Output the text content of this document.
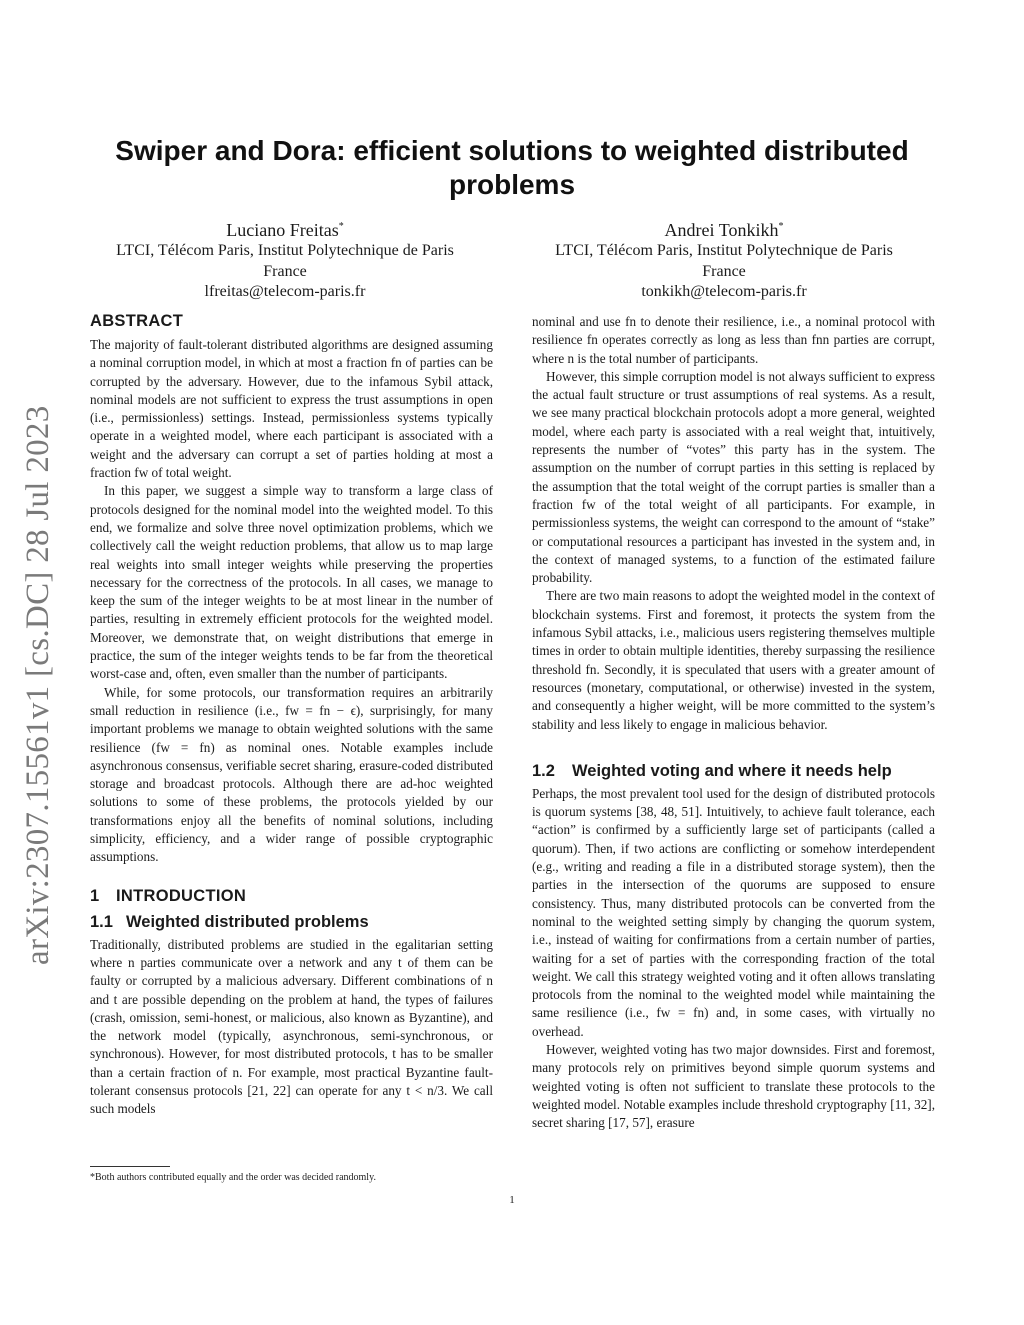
arXiv:2307.15561v1 [cs.DC] 28 Jul 2023
Swiper and Dora: efficient solutions to weighted distributed problems
Luciano Freitas*
LTCI, Télécom Paris, Institut Polytechnique de Paris
France
lfreitas@telecom-paris.fr
Andrei Tonkikh*
LTCI, Télécom Paris, Institut Polytechnique de Paris
France
tonkikh@telecom-paris.fr
ABSTRACT

The majority of fault-tolerant distributed algorithms are designed assuming a nominal corruption model, in which at most a fraction fn of parties can be corrupted by the adversary. However, due to the infamous Sybil attack, nominal models are not sufficient to express the trust assumptions in open (i.e., permissionless) settings. Instead, permissionless systems typically operate in a weighted model, where each participant is associated with a weight and the adversary can corrupt a set of parties holding at most a fraction fw of total weight.

In this paper, we suggest a simple way to transform a large class of protocols designed for the nominal model into the weighted model. To this end, we formalize and solve three novel optimization problems, which we collectively call the weight reduction problems, that allow us to map large real weights into small integer weights while preserving the properties necessary for the correctness of the protocols. In all cases, we manage to keep the sum of the integer weights to be at most linear in the number of parties, resulting in extremely efficient protocols for the weighted model. Moreover, we demonstrate that, on weight distributions that emerge in practice, the sum of the integer weights tends to be far from the theoretical worst-case and, often, even smaller than the number of participants.

While, for some protocols, our transformation requires an arbitrarily small reduction in resilience (i.e., fw = fn − ϵ), surprisingly, for many important problems we manage to obtain weighted solutions with the same resilience (fw = fn) as nominal ones. Notable examples include asynchronous consensus, verifiable secret sharing, erasure-coded distributed storage and broadcast protocols. Although there are ad-hoc weighted solutions to some of these problems, the protocols yielded by our transformations enjoy all the benefits of nominal solutions, including simplicity, efficiency, and a wider range of possible cryptographic assumptions.

1 INTRODUCTION
1.1 Weighted distributed problems

Traditionally, distributed problems are studied in the egalitarian setting where n parties communicate over a network and any t of them can be faulty or corrupted by a malicious adversary. Different combinations of n and t are possible depending on the problem at hand, the types of failures (crash, omission, semi-honest, or malicious, also known as Byzantine), and the network model (typically, asynchronous, semi-synchronous, or synchronous). However, for most distributed protocols, t has to be smaller than a certain fraction of n. For example, most practical Byzantine fault-tolerant consensus protocols [21, 22] can operate for any t < n/3. We call such models

nominal and use fn to denote their resilience, i.e., a nominal protocol with resilience fn operates correctly as long as less than fnn parties are corrupt, where n is the total number of participants.

However, this simple corruption model is not always sufficient to express the actual fault structure or trust assumptions of real systems. As a result, we see many practical blockchain protocols adopt a more general, weighted model, where each party is associated with a real weight that, intuitively, represents the number of “votes” this party has in the system. The assumption on the number of corrupt parties in this setting is replaced by the assumption that the total weight of the corrupt parties is smaller than a fraction fw of the total weight of all participants. For example, in permissionless systems, the weight can correspond to the amount of “stake” or computational resources a participant has invested in the system and, in the context of managed systems, to a function of the estimated failure probability.

There are two main reasons to adopt the weighted model in the context of blockchain systems. First and foremost, it protects the system from the infamous Sybil attacks, i.e., malicious users registering themselves multiple times in order to obtain multiple identities, thereby surpassing the resilience threshold fn. Secondly, it is speculated that users with a greater amount of resources (monetary, computational, or otherwise) invested in the system, and consequently a higher weight, will be more committed to the system’s stability and less likely to engage in malicious behavior.

1.2 Weighted voting and where it needs help

Perhaps, the most prevalent tool used for the design of distributed protocols is quorum systems [38, 48, 51]. Intuitively, to achieve fault tolerance, each “action” is confirmed by a sufficiently large set of participants (called a quorum). Then, if two actions are conflicting or somehow interdependent (e.g., writing and reading a file in a distributed storage system), then the parties in the intersection of the quorums are supposed to ensure consistency. Thus, many distributed protocols can be converted from the nominal to the weighted setting simply by changing the quorum system, i.e., instead of waiting for confirmations from a certain number of parties, waiting for a set of parties with the corresponding fraction of the total weight. We call this strategy weighted voting and it often allows translating protocols from the nominal to the weighted model while maintaining the same resilience (i.e., fw = fn) and, in some cases, with virtually no overhead.

However, weighted voting has two major downsides. First and foremost, many protocols rely on primitives beyond simple quorum systems and weighted voting is often not sufficient to translate these protocols to the weighted model. Notable examples include threshold cryptography [11, 32], secret sharing [17, 57], erasure

*Both authors contributed equally and the order was decided randomly.
1
